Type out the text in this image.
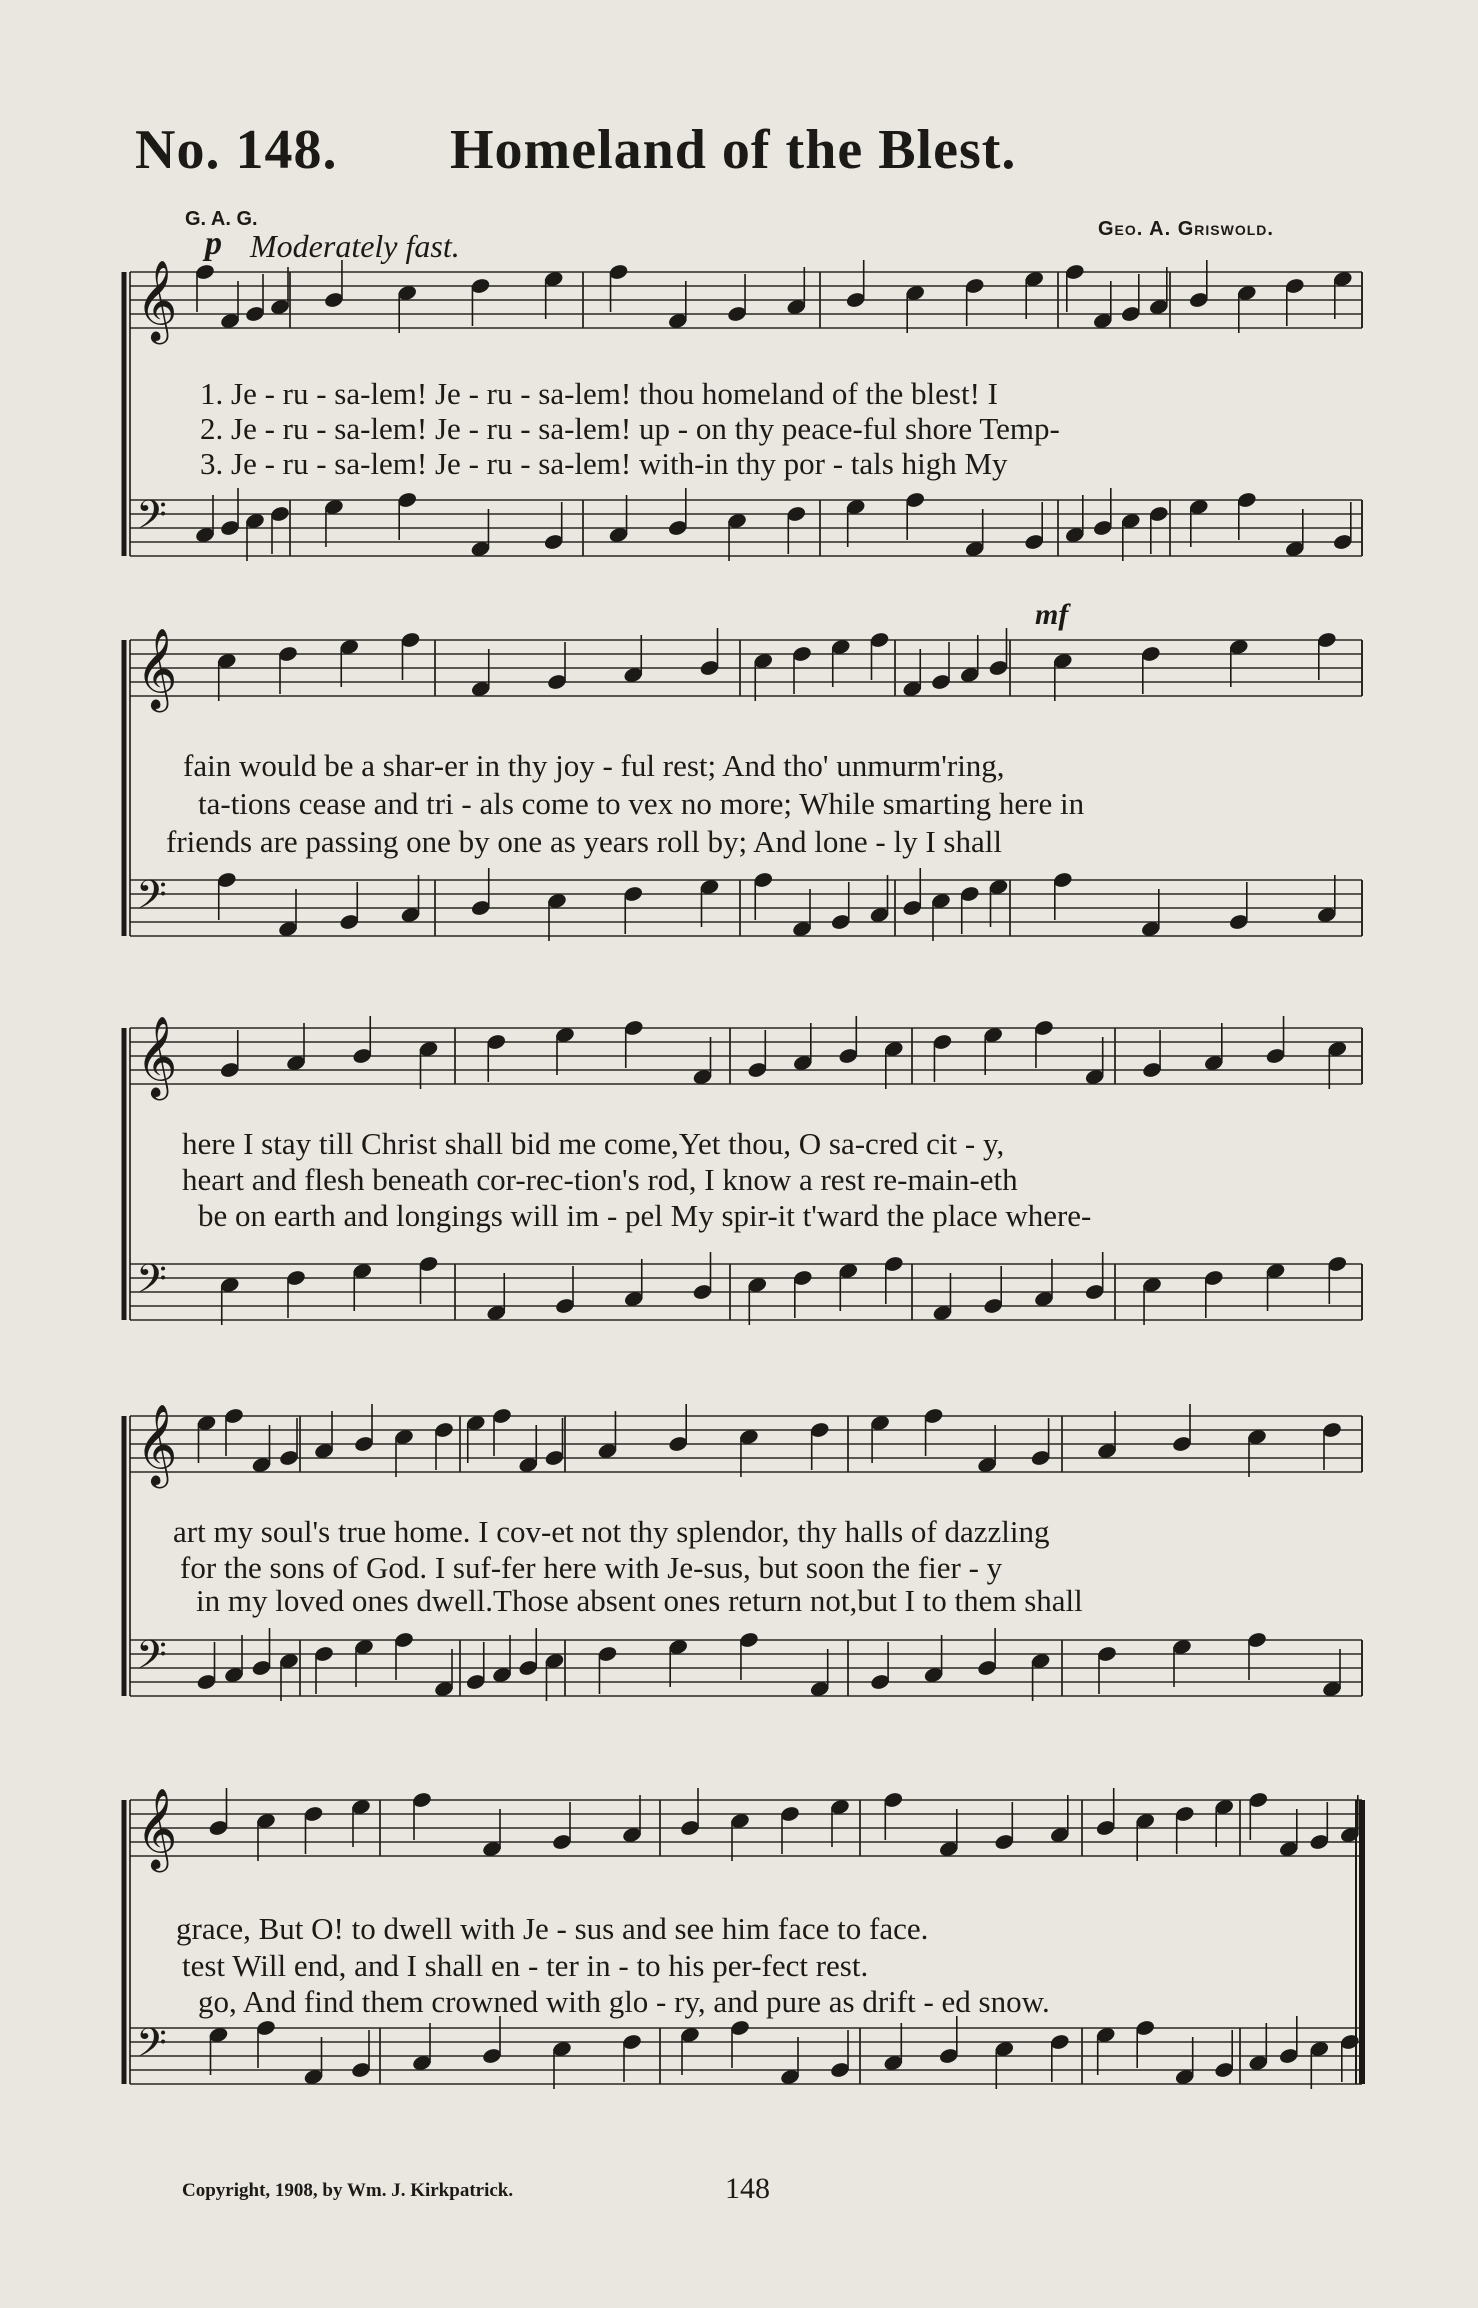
No. 148. Homeland of the Blest.
G. A. G.
p Moderately fast.	Geo. A. Griswold.
mf
𝄞
𝄢
𝄞
𝄢
𝄞
𝄢
𝄞
𝄢
𝄞
𝄢
1. Je - ru - sa-lem! Je - ru - sa-lem! thou homeland of the blest! I
2. Je - ru - sa-lem! Je - ru - sa-lem! up - on thy peace-ful shore Temp-
3. Je - ru - sa-lem! Je - ru - sa-lem! with-in thy por - tals high My
fain would be a shar-er in thy joy - ful rest; And tho' unmurm'ring,
ta-tions cease and tri - als come to vex no more; While smarting here in
friends are passing one by one as years roll by; And lone - ly I shall
here I stay till Christ shall bid me come,Yet thou, O sa-cred cit - y,
heart and flesh beneath cor-rec-tion's rod, I know a rest re-main-eth
be on earth and longings will im - pel My spir-it t'ward the place where-
art my soul's true home. I cov-et not thy splendor, thy halls of dazzling
for the sons of God. I suf-fer here with Je-sus, but soon the fier - y
in my loved ones dwell.Those absent ones return not,but I to them shall
grace, But O! to dwell with Je - sus and see him face to face.
test Will end, and I shall en - ter in - to his per-fect rest.
go, And find them crowned with glo - ry, and pure as drift - ed snow.
Copyright, 1908, by Wm. J. Kirkpatrick.	148
